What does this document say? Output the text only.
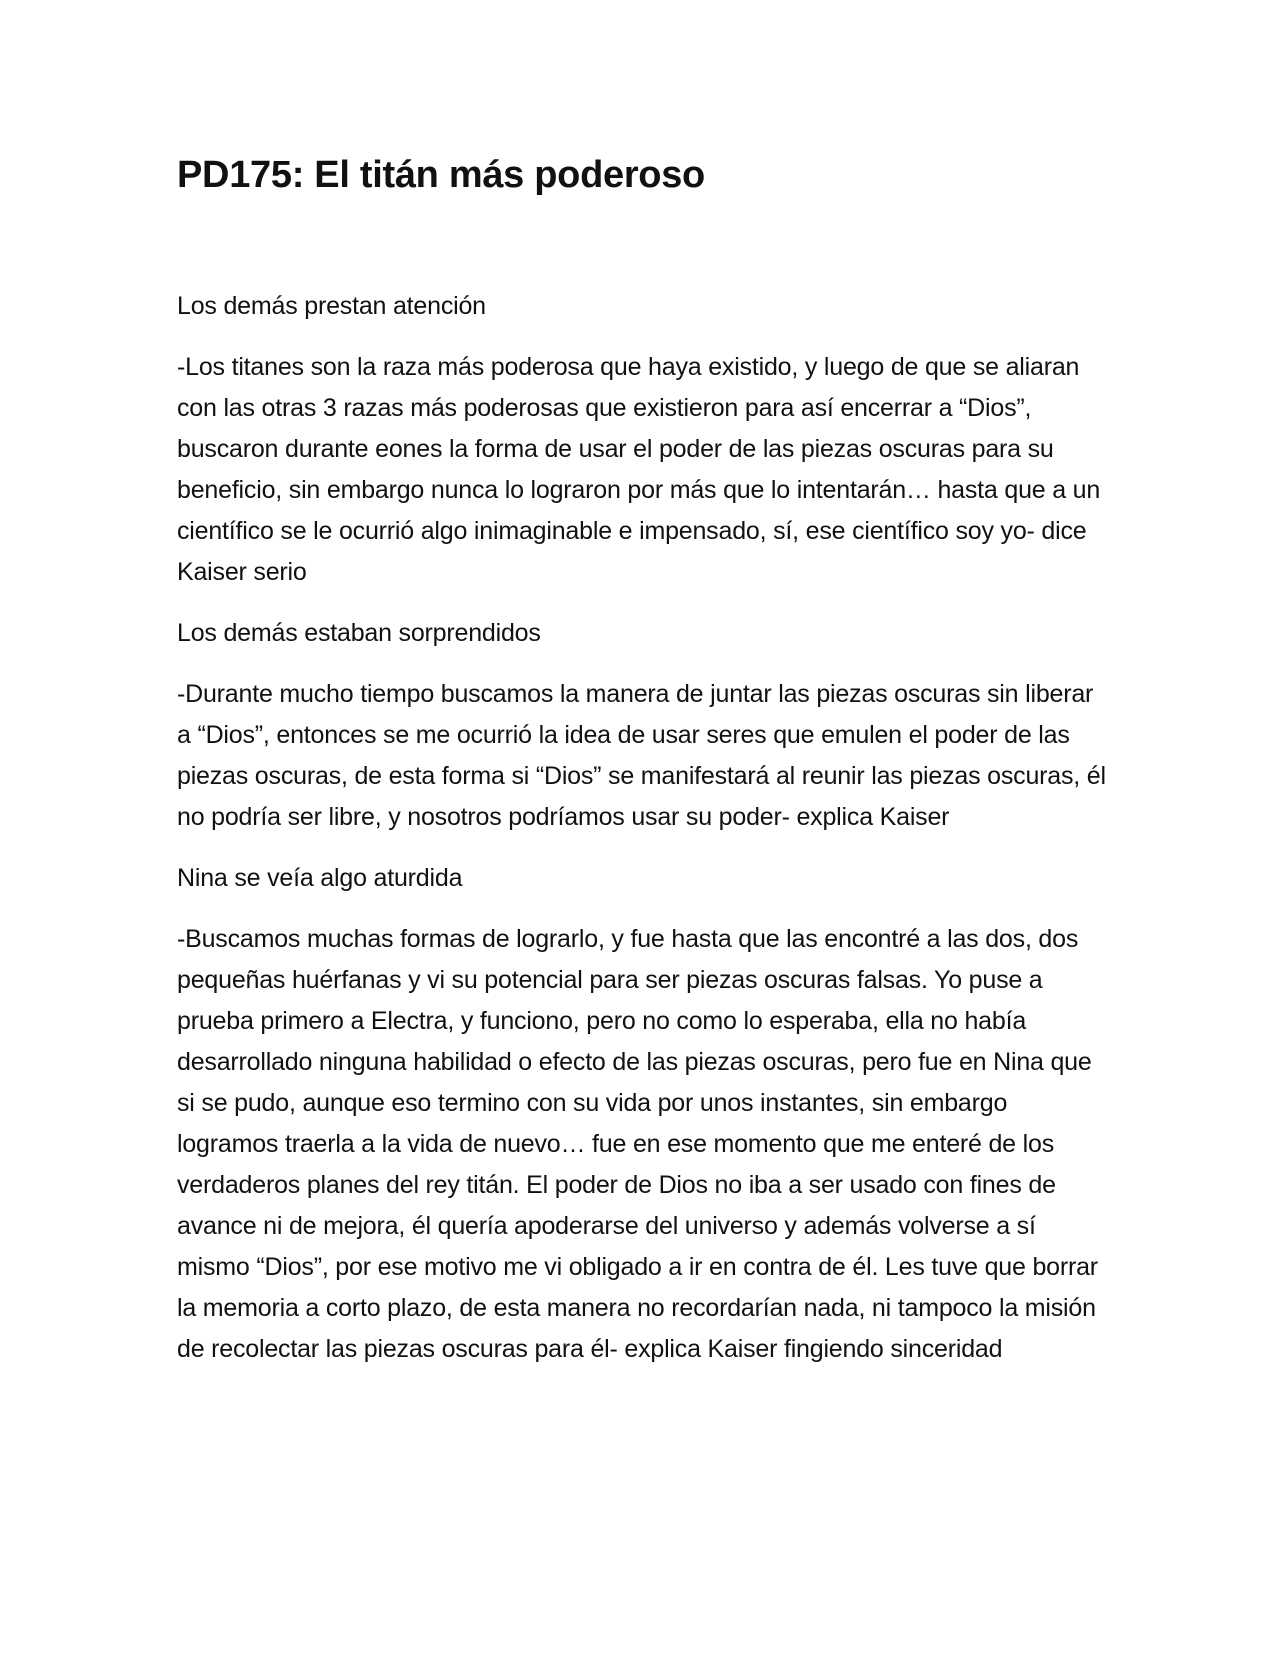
PD175: El titán más poderoso

Los demás prestan atención

-Los titanes son la raza más poderosa que haya existido, y luego de que se aliaran con las otras 3 razas más poderosas que existieron para así encerrar a “Dios”, buscaron durante eones la forma de usar el poder de las piezas oscuras para su beneficio, sin embargo nunca lo lograron por más que lo intentarán… hasta que a un científico se le ocurrió algo inimaginable e impensado, sí, ese científico soy yo- dice Kaiser serio

Los demás estaban sorprendidos

-Durante mucho tiempo buscamos la manera de juntar las piezas oscuras sin liberar a “Dios”, entonces se me ocurrió la idea de usar seres que emulen el poder de las piezas oscuras, de esta forma si “Dios” se manifestará al reunir las piezas oscuras, él no podría ser libre, y nosotros podríamos usar su poder- explica Kaiser

Nina se veía algo aturdida

-Buscamos muchas formas de lograrlo, y fue hasta que las encontré a las dos, dos pequeñas huérfanas y vi su potencial para ser piezas oscuras falsas. Yo puse a prueba primero a Electra, y funciono, pero no como lo esperaba, ella no había desarrollado ninguna habilidad o efecto de las piezas oscuras, pero fue en Nina que si se pudo, aunque eso termino con su vida por unos instantes, sin embargo logramos traerla a la vida de nuevo… fue en ese momento que me enteré de los verdaderos planes del rey titán. El poder de Dios no iba a ser usado con fines de avance ni de mejora, él quería apoderarse del universo y además volverse a sí mismo “Dios”, por ese motivo me vi obligado a ir en contra de él. Les tuve que borrar la memoria a corto plazo, de esta manera no recordarían nada, ni tampoco la misión de recolectar las piezas oscuras para él- explica Kaiser fingiendo sinceridad
